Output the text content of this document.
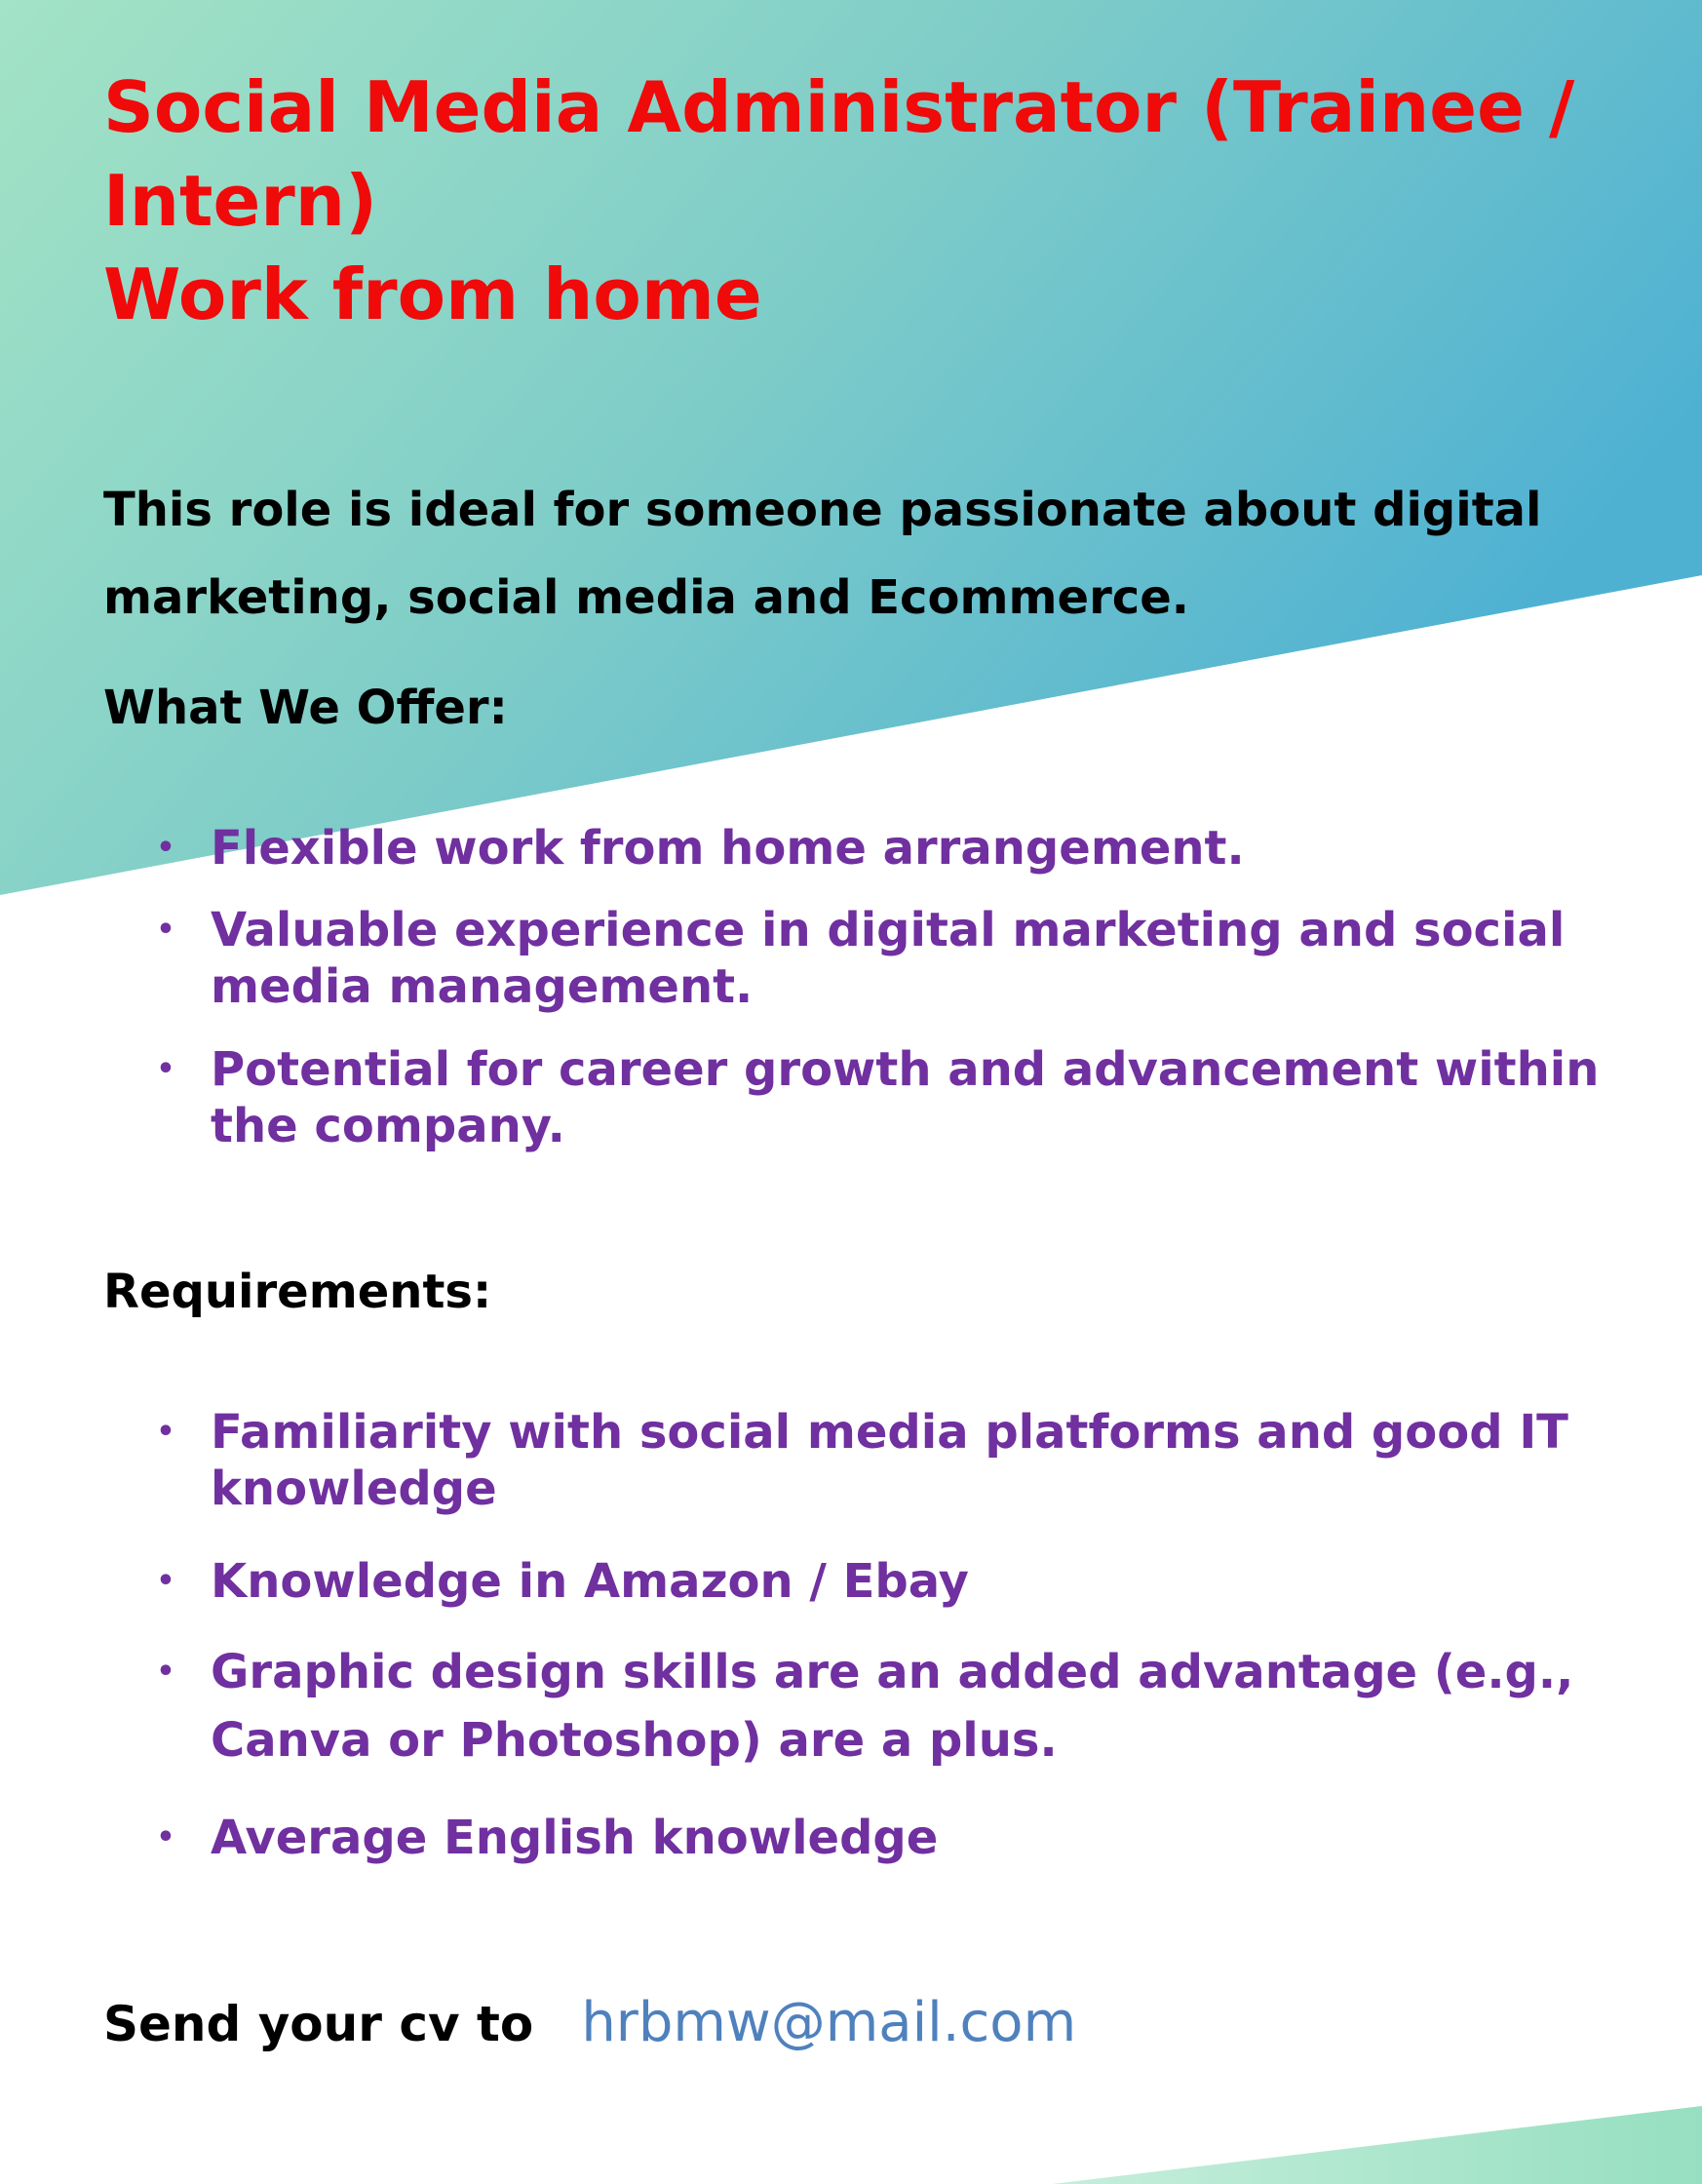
Social Media Administrator (Trainee /
Intern)
Work from home

This role is ideal for someone passionate about digital marketing, social media and Ecommerce.

What We Offer:
• Flexible work from home arrangement.
• Valuable experience in digital marketing and social media management.
• Potential for career growth and advancement within the company.
Requirements:
• Familiarity with social media platforms and good IT knowledge
• Knowledge in Amazon / Ebay
• Graphic design skills are an added advantage (e.g., Canva or Photoshop) are a plus.
• Average English knowledge
Send your cv to hrbmw@mail.com
